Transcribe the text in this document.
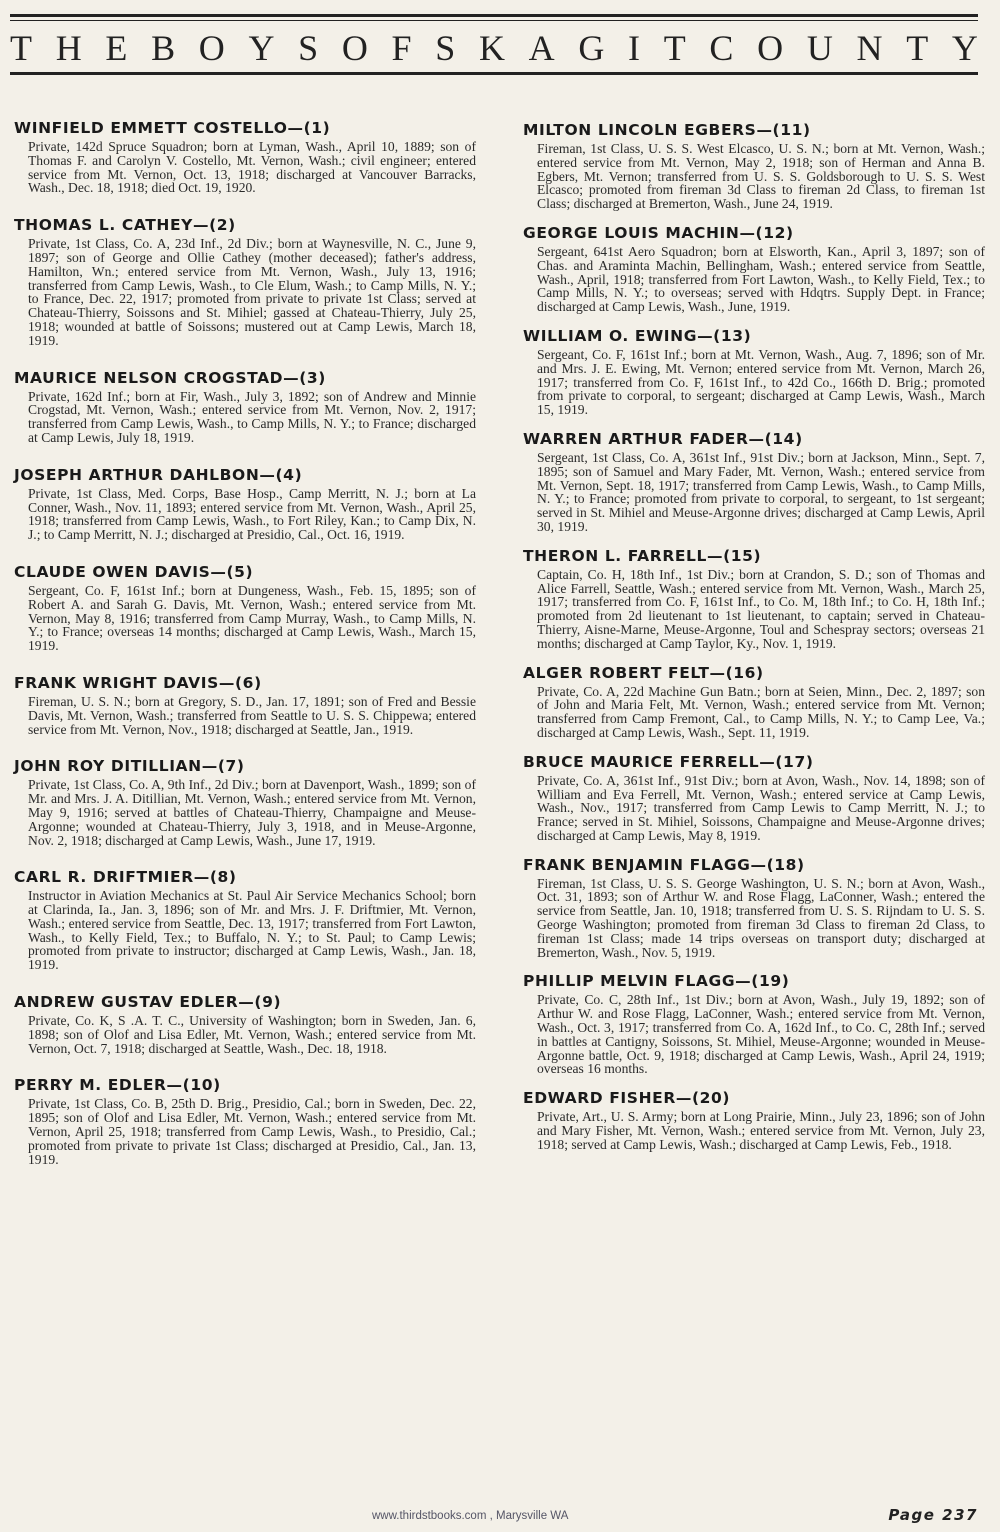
T H E B O Y S O F S K A G I T C O U N T Y
WINFIELD EMMETT COSTELLO—(1)
Private, 142d Spruce Squadron; born at Lyman, Wash., April 10, 1889; son of Thomas F. and Carolyn V. Costello, Mt. Vernon, Wash.; civil engineer; entered service from Mt. Vernon, Oct. 13, 1918; discharged at Vancouver Barracks, Wash., Dec. 18, 1918; died Oct. 19, 1920.
THOMAS L. CATHEY—(2)
Private, 1st Class, Co. A, 23d Inf., 2d Div.; born at Waynesville, N. C., June 9, 1897; son of George and Ollie Cathey (mother deceased); father's address, Hamilton, Wn.; entered service from Mt. Vernon, Wash., July 13, 1916; transferred from Camp Lewis, Wash., to Cle Elum, Wash.; to Camp Mills, N. Y.; to France, Dec. 22, 1917; promoted from private to private 1st Class; served at Chateau-Thierry, Soissons and St. Mihiel; gassed at Chateau-Thierry, July 25, 1918; wounded at battle of Soissons; mustered out at Camp Lewis, March 18, 1919.
MAURICE NELSON CROGSTAD—(3)
Private, 162d Inf.; born at Fir, Wash., July 3, 1892; son of Andrew and Minnie Crogstad, Mt. Vernon, Wash.; entered service from Mt. Vernon, Nov. 2, 1917; transferred from Camp Lewis, Wash., to Camp Mills, N. Y.; to France; discharged at Camp Lewis, July 18, 1919.
JOSEPH ARTHUR DAHLBON—(4)
Private, 1st Class, Med. Corps, Base Hosp., Camp Merritt, N. J.; born at La Conner, Wash., Nov. 11, 1893; entered service from Mt. Vernon, Wash., April 25, 1918; transferred from Camp Lewis, Wash., to Fort Riley, Kan.; to Camp Dix, N. J.; to Camp Merritt, N. J.; discharged at Presidio, Cal., Oct. 16, 1919.
CLAUDE OWEN DAVIS—(5)
Sergeant, Co. F, 161st Inf.; born at Dungeness, Wash., Feb. 15, 1895; son of Robert A. and Sarah G. Davis, Mt. Vernon, Wash.; entered service from Mt. Vernon, May 8, 1916; transferred from Camp Murray, Wash., to Camp Mills, N. Y.; to France; overseas 14 months; discharged at Camp Lewis, Wash., March 15, 1919.
FRANK WRIGHT DAVIS—(6)
Fireman, U. S. N.; born at Gregory, S. D., Jan. 17, 1891; son of Fred and Bessie Davis, Mt. Vernon, Wash.; transferred from Seattle to U. S. S. Chippewa; entered service from Mt. Vernon, Nov., 1918; discharged at Seattle, Jan., 1919.
JOHN ROY DITILLIAN—(7)
Private, 1st Class, Co. A, 9th Inf., 2d Div.; born at Davenport, Wash., 1899; son of Mr. and Mrs. J. A. Ditillian, Mt. Vernon, Wash.; entered service from Mt. Vernon, May 9, 1916; served at battles of Chateau-Thierry, Champaigne and Meuse-Argonne; wounded at Chateau-Thierry, July 3, 1918, and in Meuse-Argonne, Nov. 2, 1918; discharged at Camp Lewis, Wash., June 17, 1919.
CARL R. DRIFTMIER—(8)
Instructor in Aviation Mechanics at St. Paul Air Service Mechanics School; born at Clarinda, Ia., Jan. 3, 1896; son of Mr. and Mrs. J. F. Driftmier, Mt. Vernon, Wash.; entered service from Seattle, Dec. 13, 1917; transferred from Fort Lawton, Wash., to Kelly Field, Tex.; to Buffalo, N. Y.; to St. Paul; to Camp Lewis; promoted from private to instructor; discharged at Camp Lewis, Wash., Jan. 18, 1919.
ANDREW GUSTAV EDLER—(9)
Private, Co. K, S .A. T. C., University of Washington; born in Sweden, Jan. 6, 1898; son of Olof and Lisa Edler, Mt. Vernon, Wash.; entered service from Mt. Vernon, Oct. 7, 1918; discharged at Seattle, Wash., Dec. 18, 1918.
PERRY M. EDLER—(10)
Private, 1st Class, Co. B, 25th D. Brig., Presidio, Cal.; born in Sweden, Dec. 22, 1895; son of Olof and Lisa Edler, Mt. Vernon, Wash.; entered service from Mt. Vernon, April 25, 1918; transferred from Camp Lewis, Wash., to Presidio, Cal.; promoted from private to private 1st Class; discharged at Presidio, Cal., Jan. 13, 1919.
MILTON LINCOLN EGBERS—(11)
Fireman, 1st Class, U. S. S. West Elcasco, U. S. N.; born at Mt. Vernon, Wash.; entered service from Mt. Vernon, May 2, 1918; son of Herman and Anna B. Egbers, Mt. Vernon; transferred from U. S. S. Goldsborough to U. S. S. West Elcasco; promoted from fireman 3d Class to fireman 2d Class, to fireman 1st Class; discharged at Bremerton, Wash., June 24, 1919.
GEORGE LOUIS MACHIN—(12)
Sergeant, 641st Aero Squadron; born at Elsworth, Kan., April 3, 1897; son of Chas. and Araminta Machin, Bellingham, Wash.; entered service from Seattle, Wash., April, 1918; transferred from Fort Lawton, Wash., to Kelly Field, Tex.; to Camp Mills, N. Y.; to overseas; served with Hdqtrs. Supply Dept. in France; discharged at Camp Lewis, Wash., June, 1919.
WILLIAM O. EWING—(13)
Sergeant, Co. F, 161st Inf.; born at Mt. Vernon, Wash., Aug. 7, 1896; son of Mr. and Mrs. J. E. Ewing, Mt. Vernon; entered service from Mt. Vernon, March 26, 1917; transferred from Co. F, 161st Inf., to 42d Co., 166th D. Brig.; promoted from private to corporal, to sergeant; discharged at Camp Lewis, Wash., March 15, 1919.
WARREN ARTHUR FADER—(14)
Sergeant, 1st Class, Co. A, 361st Inf., 91st Div.; born at Jackson, Minn., Sept. 7, 1895; son of Samuel and Mary Fader, Mt. Vernon, Wash.; entered service from Mt. Vernon, Sept. 18, 1917; transferred from Camp Lewis, Wash., to Camp Mills, N. Y.; to France; promoted from private to corporal, to sergeant, to 1st sergeant; served in St. Mihiel and Meuse-Argonne drives; discharged at Camp Lewis, April 30, 1919.
THERON L. FARRELL—(15)
Captain, Co. H, 18th Inf., 1st Div.; born at Crandon, S. D.; son of Thomas and Alice Farrell, Seattle, Wash.; entered service from Mt. Vernon, Wash., March 25, 1917; transferred from Co. F, 161st Inf., to Co. M, 18th Inf.; to Co. H, 18th Inf.; promoted from 2d lieutenant to 1st lieutenant, to captain; served in Chateau-Thierry, Aisne-Marne, Meuse-Argonne, Toul and Schespray sectors; overseas 21 months; discharged at Camp Taylor, Ky., Nov. 1, 1919.
ALGER ROBERT FELT—(16)
Private, Co. A, 22d Machine Gun Batn.; born at Seien, Minn., Dec. 2, 1897; son of John and Maria Felt, Mt. Vernon, Wash.; entered service from Mt. Vernon; transferred from Camp Fremont, Cal., to Camp Mills, N. Y.; to Camp Lee, Va.; discharged at Camp Lewis, Wash., Sept. 11, 1919.
BRUCE MAURICE FERRELL—(17)
Private, Co. A, 361st Inf., 91st Div.; born at Avon, Wash., Nov. 14, 1898; son of William and Eva Ferrell, Mt. Vernon, Wash.; entered service at Camp Lewis, Wash., Nov., 1917; transferred from Camp Lewis to Camp Merritt, N. J.; to France; served in St. Mihiel, Soissons, Champaigne and Meuse-Argonne drives; discharged at Camp Lewis, May 8, 1919.
FRANK BENJAMIN FLAGG—(18)
Fireman, 1st Class, U. S. S. George Washington, U. S. N.; born at Avon, Wash., Oct. 31, 1893; son of Arthur W. and Rose Flagg, LaConner, Wash.; entered the service from Seattle, Jan. 10, 1918; transferred from U. S. S. Rijndam to U. S. S. George Washington; promoted from fireman 3d Class to fireman 2d Class, to fireman 1st Class; made 14 trips overseas on transport duty; discharged at Bremerton, Wash., Nov. 5, 1919.
PHILLIP MELVIN FLAGG—(19)
Private, Co. C, 28th Inf., 1st Div.; born at Avon, Wash., July 19, 1892; son of Arthur W. and Rose Flagg, LaConner, Wash.; entered service from Mt. Vernon, Wash., Oct. 3, 1917; transferred from Co. A, 162d Inf., to Co. C, 28th Inf.; served in battles at Cantigny, Soissons, St. Mihiel, Meuse-Argonne; wounded in Meuse-Argonne battle, Oct. 9, 1918; discharged at Camp Lewis, Wash., April 24, 1919; overseas 16 months.
EDWARD FISHER—(20)
Private, Art., U. S. Army; born at Long Prairie, Minn., July 23, 1896; son of John and Mary Fisher, Mt. Vernon, Wash.; entered service from Mt. Vernon, July 23, 1918; served at Camp Lewis, Wash.; discharged at Camp Lewis, Feb., 1918.
www.thirdstbooks.com , Marysville WA	Page 237
